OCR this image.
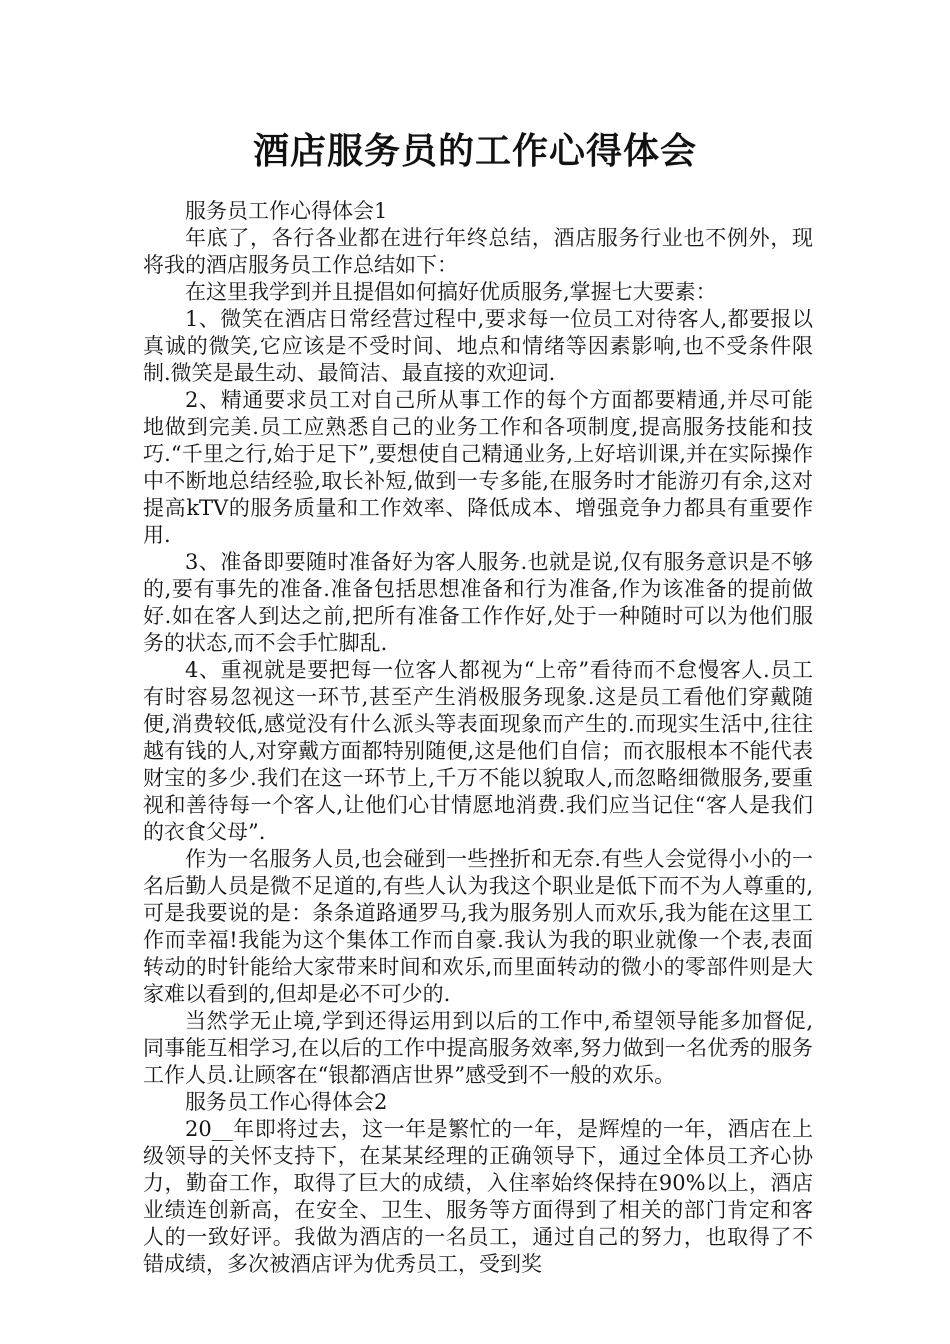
酒店服务员的工作心得体会

服务员工作心得体会1

年底了，各行各业都在进行年终总结，酒店服务行业也不例外，现将我的酒店服务员工作总结如下：

在这里我学到并且提倡如何搞好优质服务,掌握七大要素：

1、微笑在酒店日常经营过程中,要求每一位员工对待客人,都要报以真诚的微笑,它应该是不受时间、地点和情绪等因素影响,也不受条件限制.微笑是最生动、最简洁、最直接的欢迎词.

2、精通要求员工对自己所从事工作的每个方面都要精通,并尽可能地做到完美.员工应熟悉自己的业务工作和各项制度,提高服务技能和技巧.“千里之行,始于足下”,要想使自己精通业务,上好培训课,并在实际操作中不断地总结经验,取长补短,做到一专多能,在服务时才能游刃有余,这对提高kTV的服务质量和工作效率、降低成本、增强竞争力都具有重要作用.

3、准备即要随时准备好为客人服务.也就是说,仅有服务意识是不够的,要有事先的准备.准备包括思想准备和行为准备,作为该准备的提前做好.如在客人到达之前,把所有准备工作作好,处于一种随时可以为他们服务的状态,而不会手忙脚乱.

4、重视就是要把每一位客人都视为“上帝”看待而不怠慢客人.员工有时容易忽视这一环节,甚至产生消极服务现象.这是员工看他们穿戴随便,消费较低,感觉没有什么派头等表面现象而产生的.而现实生活中,往往越有钱的人,对穿戴方面都特别随便,这是他们自信；而衣服根本不能代表财宝的多少.我们在这一环节上,千万不能以貌取人,而忽略细微服务,要重视和善待每一个客人,让他们心甘情愿地消费.我们应当记住“客人是我们的衣食父母”.

作为一名服务人员,也会碰到一些挫折和无奈.有些人会觉得小小的一名后勤人员是微不足道的,有些人认为我这个职业是低下而不为人尊重的,可是我要说的是：条条道路通罗马,我为服务别人而欢乐,我为能在这里工作而幸福!我能为这个集体工作而自豪.我认为我的职业就像一个表,表面转动的时针能给大家带来时间和欢乐,而里面转动的微小的零部件则是大家难以看到的,但却是必不可少的.

当然学无止境,学到还得运用到以后的工作中,希望领导能多加督促,同事能互相学习,在以后的工作中提高服务效率,努力做到一名优秀的服务工作人员.让顾客在“银都酒店世界”感受到不一般的欢乐。

服务员工作心得体会2

20__年即将过去，这一年是繁忙的一年，是辉煌的一年，酒店在上级领导的关怀支持下，在某某经理的正确领导下，通过全体员工齐心协力，勤奋工作，取得了巨大的成绩，入住率始终保持在90%以上，酒店业绩连创新高，在安全、卫生、服务等方面得到了相关的部门肯定和客人的一致好评。我做为酒店的一名员工，通过自己的努力，也取得了不错成绩，多次被酒店评为优秀员工，受到奖
